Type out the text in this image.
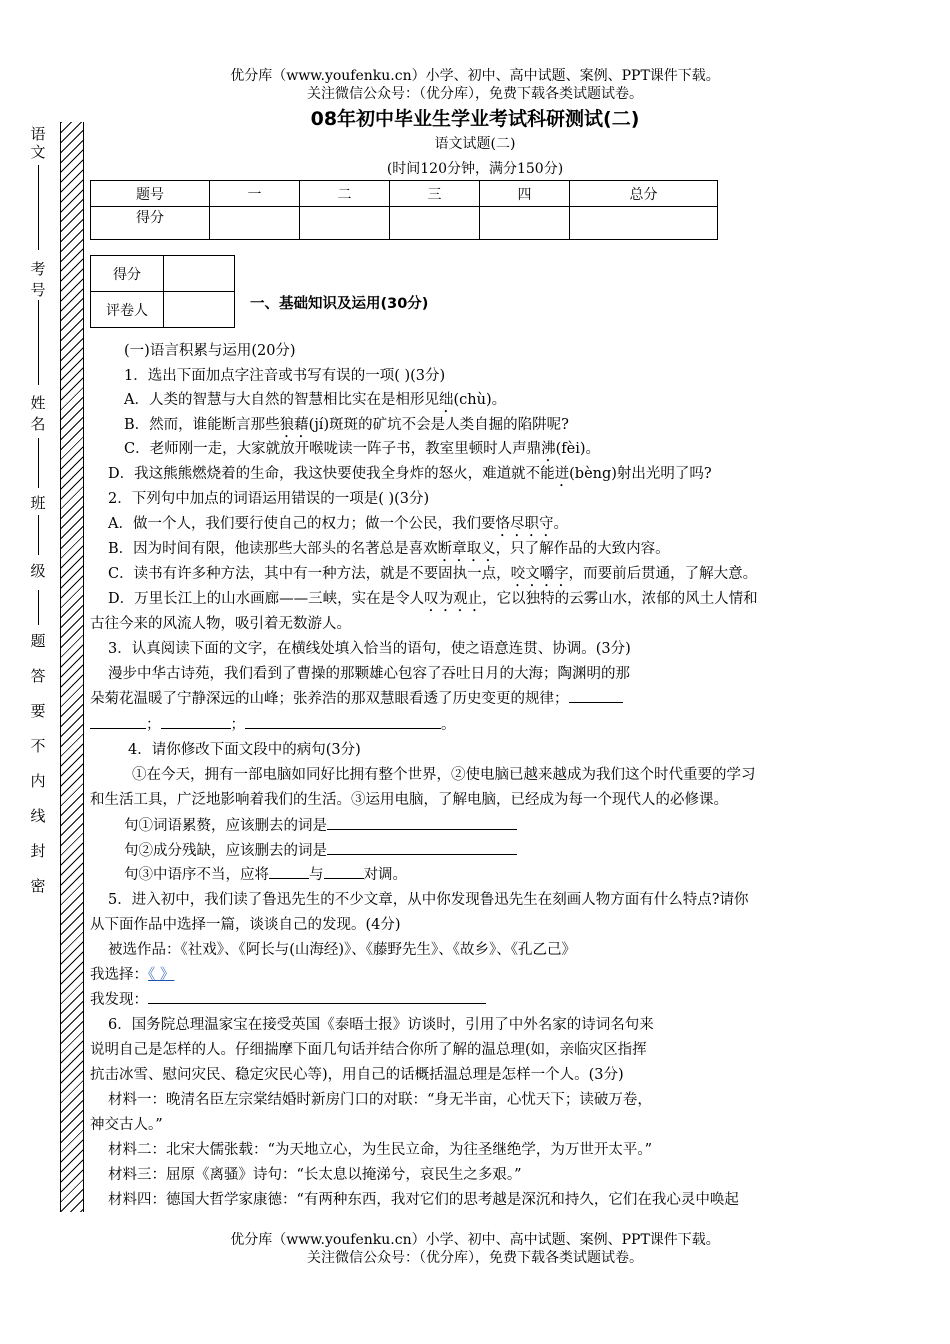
优分库（www.youfenku.cn）小学、初中、高中试题、案例、PPT课件下载。
关注微信公众号：（优分库），免费下载各类试题试卷。
08年初中毕业生学业考试科研测试(二)
语文试题(二)
(时间120分钟，满分150分)
语文
考号
姓名
班
级
题
答
要
不
内
线
封
密
题号	一	二	三	四	总分
得分					
得分	
评卷人		一、基础知识及运用(30分)
(一)语言积累与运用(20分)
1．选出下面加点字注音或书写有误的一项( )(3分)
A．人类的智慧与大自然的智慧相比实在是相形见绌(chù)。
B．然而，谁能断言那些狼藉(jí)斑斑的矿坑不会是人类自掘的陷阱呢?
C．老师刚一走，大家就放开喉咙读一阵子书，教室里顿时人声鼎沸(fèi)。
D．我这熊熊燃烧着的生命，我这快要使我全身炸的怒火，难道就不能迸(bèng)射出光明了吗?
2．下列句中加点的词语运用错误的一项是( )(3分)
A．做一个人，我们要行使自己的权力；做一个公民，我们要恪尽职守。
B．因为时间有限，他读那些大部头的名著总是喜欢断章取义，只了解作品的大致内容。
C．读书有许多种方法，其中有一种方法，就是不要固执一点，咬文嚼字，而要前后贯通，了解大意。
D．万里长江上的山水画廊——三峡，实在是令人叹为观止，它以独特的云雾山水，浓郁的风土人情和
古往今来的风流人物，吸引着无数游人。
3．认真阅读下面的文字，在横线处填入恰当的语句，使之语意连贯、协调。(3分)
漫步中华古诗苑，我们看到了曹操的那颗雄心包容了吞吐日月的大海；陶渊明的那
朵菊花温暖了宁静深远的山峰；张养浩的那双慧眼看透了历史变更的规律；
；	；	。
4．请你修改下面文段中的病句(3分)
①在今天，拥有一部电脑如同好比拥有整个世界，②使电脑已越来越成为我们这个时代重要的学习
和生活工具，广泛地影响着我们的生活。③运用电脑，了解电脑，已经成为每一个现代人的必修课。
句①词语累赘，应该删去的词是
句②成分残缺，应该删去的词是
句③中语序不当，应将	与	对调。
5．进入初中，我们读了鲁迅先生的不少文章，从中你发现鲁迅先生在刻画人物方面有什么特点?请你
从下面作品中选择一篇，谈谈自己的发现。(4分)
被选作品：《社戏》、《阿长与(山海经)》、《藤野先生》、《故乡》、《孔乙己》
我选择：《 》
我发现：
6．国务院总理温家宝在接受英国《泰晤士报》访谈时，引用了中外名家的诗词名句来
说明自己是怎样的人。仔细揣摩下面几句话并结合你所了解的温总理(如，亲临灾区指挥
抗击冰雪、慰问灾民、稳定灾民心等)，用自己的话概括温总理是怎样一个人。(3分)
材料一：晚清名臣左宗棠结婚时新房门口的对联：“身无半亩，心忧天下；读破万卷，
神交古人。”
材料二：北宋大儒张载：“为天地立心，为生民立命，为往圣继绝学，为万世开太平。”
材料三：屈原《离骚》诗句：“长太息以掩涕兮，哀民生之多艰。”
材料四：德国大哲学家康德：“有两种东西，我对它们的思考越是深沉和持久，它们在我心灵中唤起
优分库（www.youfenku.cn）小学、初中、高中试题、案例、PPT课件下载。
关注微信公众号：（优分库），免费下载各类试题试卷。
